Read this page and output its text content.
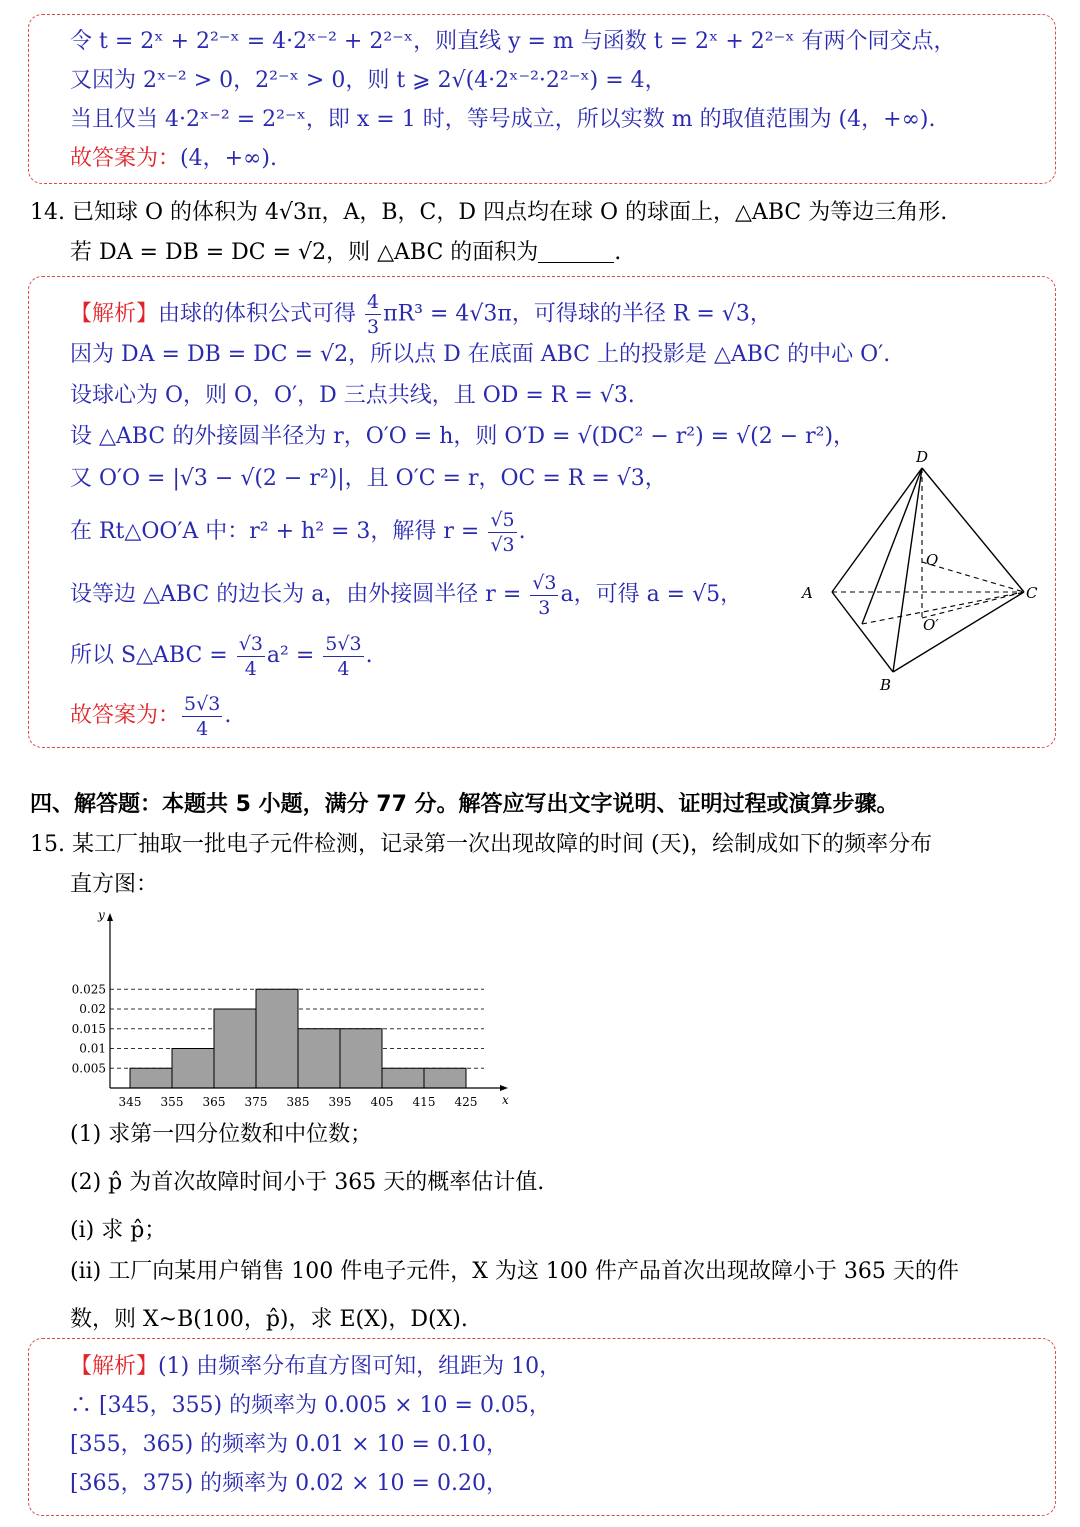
令 t = 2ˣ + 2²⁻ˣ = 4·2ˣ⁻² + 2²⁻ˣ，则直线 y = m 与函数 t = 2ˣ + 2²⁻ˣ 有两个同交点，
又因为 2ˣ⁻² > 0，2²⁻ˣ > 0，则 t ⩾ 2√(4·2ˣ⁻²·2²⁻ˣ) = 4，
当且仅当 4·2ˣ⁻² = 2²⁻ˣ，即 x = 1 时，等号成立，所以实数 m 的取值范围为 (4，+∞).
故答案为：(4，+∞).
14. 已知球 O 的体积为 4√3π，A，B，C，D 四点均在球 O 的球面上，△ABC 为等边三角形.
若 DA = DB = DC = √2，则 △ABC 的面积为	.
【解析】由球的体积公式可得 $\frac{4}{3} \pi R^3 = 4√3\pi$，可得球的半径 R = √3，
因为 DA = DB = DC = √2，所以点 D 在底面 ABC 上的投影是 △ABC 的中心 O′.
设球心为 O，则 O，O′，D 三点共线，且 OD = R = √3.
设 △ABC 的外接圆半径为 r，O′O = h，则 O′D = √(DC² − r²) = √(2 − r²)，
又 O′O = |√3 − √(2 − r²)|，且 O′C = r，OC = R = √3，
在 Rt△OO′A 中：r² + h² = 3，解得 $r = \frac{√5}{√3}$ .
设等边 △ABC 的边长为 a，由外接圆半径 $r = \frac{√3}{3}$ a，可得 a = √5，
所以 S△ABC = $\frac{√3}{4} a^2 = \frac{5√3}{4}$ .
故答案为： $\frac{5√3}{4}$ .
D
O
A	C
O′
B
四、解答题：本题共 5 小题，满分 77 分。解答应写出文字说明、证明过程或演算步骤。
15. 某工厂抽取一批电子元件检测，记录第一次出现故障的时间 (天)，绘制成如下的频率分布
直方图：
0.005
0.01
0.015
0.02
0.025
345 355 365 375 385 395 405 415 425 x
y
(1) 求第一四分位数和中位数；
(2) p̂ 为首次故障时间小于 365 天的概率估计值.
(i) 求 p̂；
(ii) 工厂向某用户销售 100 件电子元件，X 为这 100 件产品首次出现故障小于 365 天的件
数，则 X~B(100，p̂)，求 E(X)，D(X).
【解析】(1) 由频率分布直方图可知，组距为 10，
∴ [345，355) 的频率为 0.005 × 10 = 0.05，
[355，365) 的频率为 0.01 × 10 = 0.10，
[365，375) 的频率为 0.02 × 10 = 0.20，
